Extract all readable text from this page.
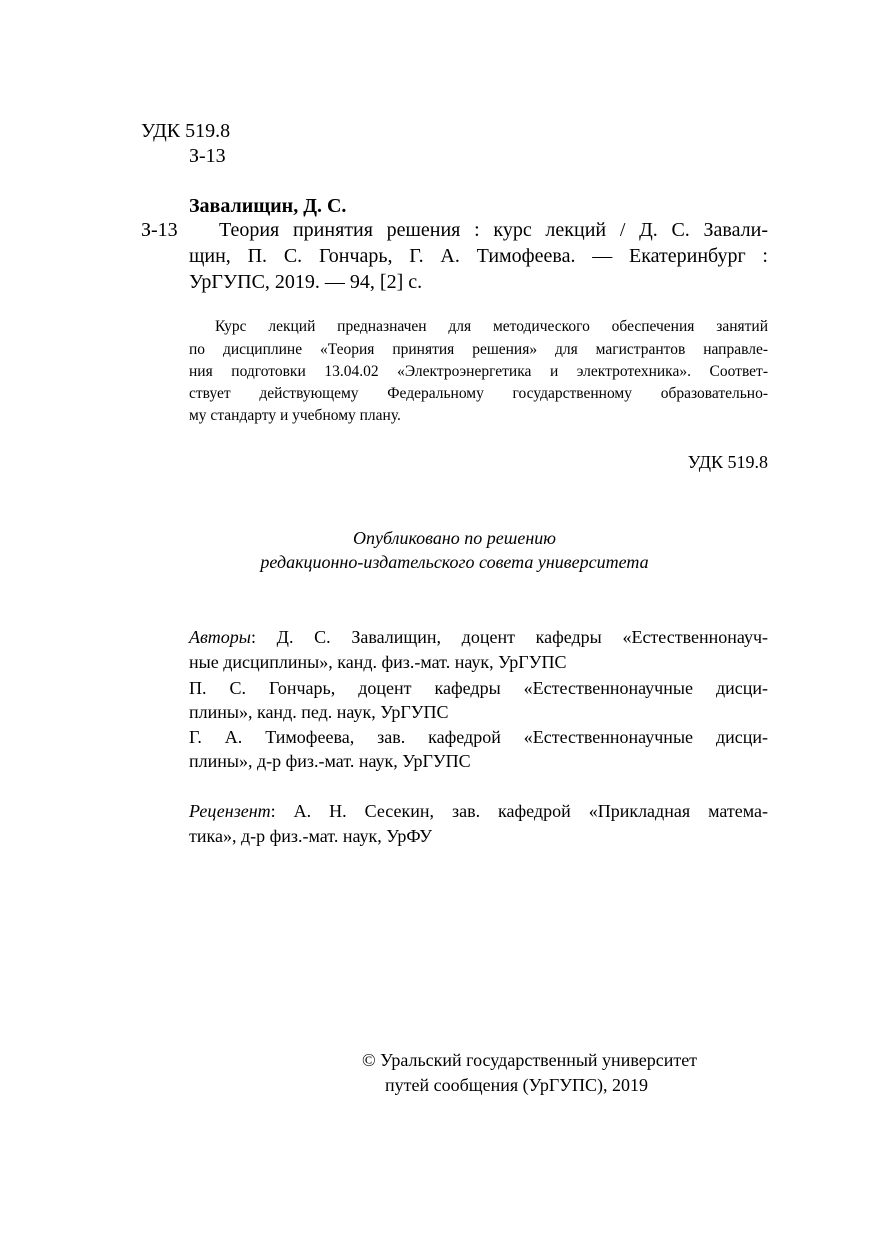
УДК 519.8
З-13
Завалищин, Д. С.
З-13 Теория принятия решения : курс лекций / Д. С. Завали-
щин, П. С. Гончарь, Г. А. Тимофеева. — Екатеринбург :
УрГУПС, 2019. — 94, [2] с.
Курс лекций предназначен для методического обеспечения занятий
по дисциплине «Теория принятия решения» для магистрантов направле-
ния подготовки 13.04.02 «Электроэнергетика и электротехника». Соответ-
ствует действующему Федеральному государственному образовательно-
му стандарту и учебному плану.
УДК 519.8
Опубликовано по решению
редакционно-издательского совета университета
Авторы: Д. С. Завалищин, доцент кафедры «Естественнонауч-
ные дисциплины», канд. физ.-мат. наук, УрГУПС
П. С. Гончарь, доцент кафедры «Естественнонаучные дисци-
плины», канд. пед. наук, УрГУПС
Г. А. Тимофеева, зав. кафедрой «Естественнонаучные дисци-
плины», д-р физ.-мат. наук, УрГУПС
Рецензент: А. Н. Сесекин, зав. кафедрой «Прикладная матема-
тика», д-р физ.-мат. наук, УрФУ
© Уральский государственный университет
путей сообщения (УрГУПС), 2019
